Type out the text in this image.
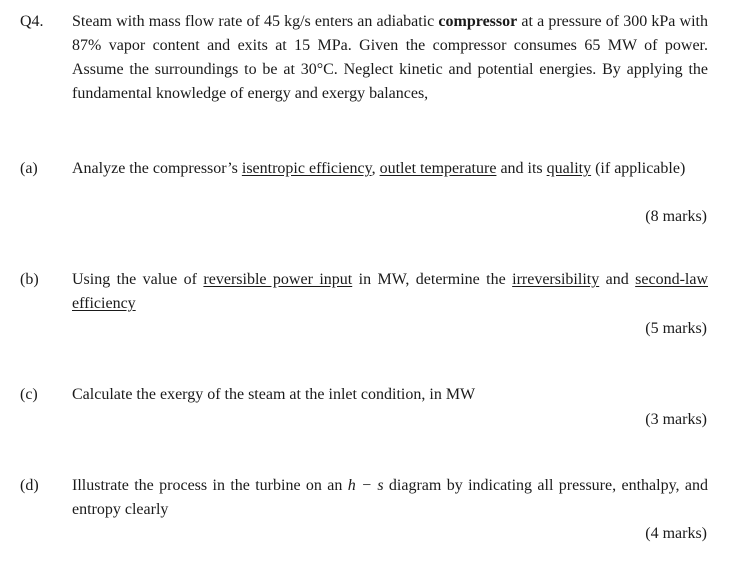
Q4. Steam with mass flow rate of 45 kg/s enters an adiabatic compressor at a pressure of 300 kPa with 87% vapor content and exits at 15 MPa. Given the compressor consumes 65 MW of power. Assume the surroundings to be at 30°C. Neglect kinetic and potential energies. By applying the fundamental knowledge of energy and exergy balances,
(a) Analyze the compressor’s isentropic efficiency, outlet temperature and its quality (if applicable)
(8 marks)
(b) Using the value of reversible power input in MW, determine the irreversibility and second-law efficiency
(5 marks)
(c) Calculate the exergy of the steam at the inlet condition, in MW
(3 marks)
(d) Illustrate the process in the turbine on an h − s diagram by indicating all pressure, enthalpy, and entropy clearly
(4 marks)
